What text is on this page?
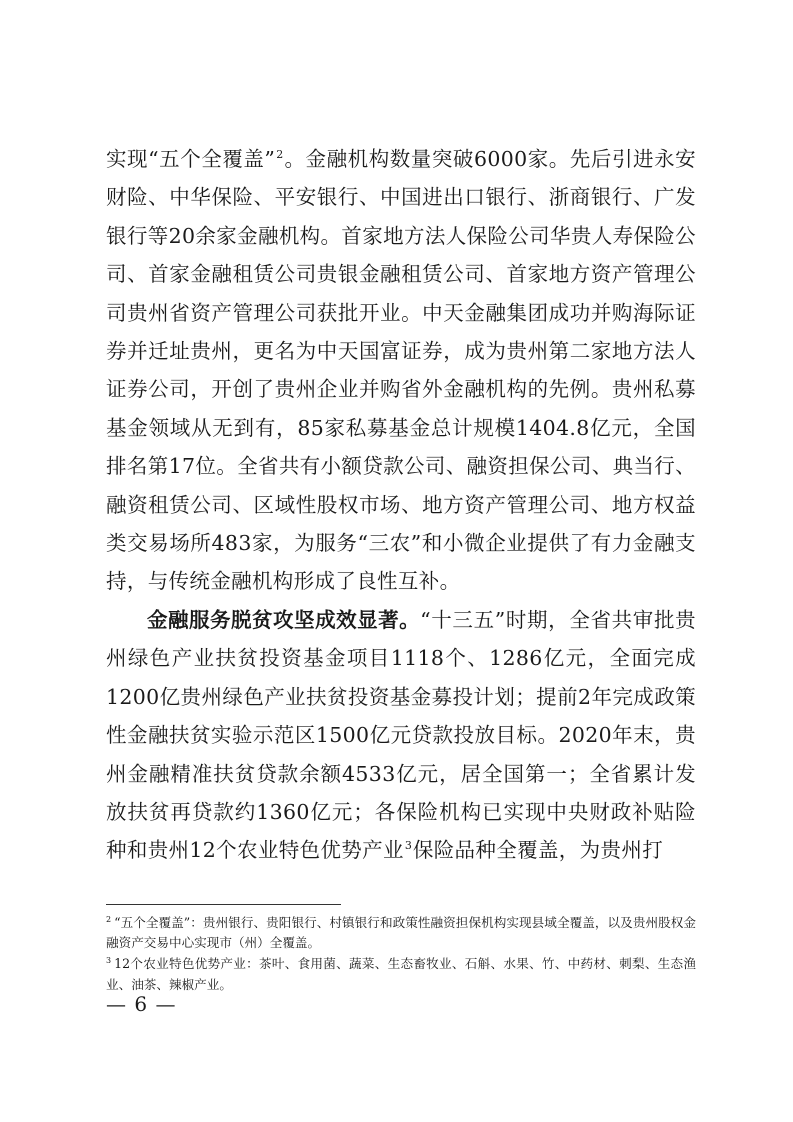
实现“五个全覆盖”$^2$。金融机构数量突破6000家。先后引进永安财险、中华保险、平安银行、中国进出口银行、浙商银行、广发银行等20余家金融机构。首家地方法人保险公司华贵人寿保险公司、首家金融租赁公司贵银金融租赁公司、首家地方资产管理公司贵州省资产管理公司获批开业。中天金融集团成功并购海际证券并迁址贵州，更名为中天国富证券，成为贵州第二家地方法人证券公司，开创了贵州企业并购省外金融机构的先例。贵州私募基金领域从无到有，85家私募基金总计规模1404.8亿元，全国排名第17位。全省共有小额贷款公司、融资担保公司、典当行、融资租赁公司、区域性股权市场、地方资产管理公司、地方权益类交易场所483家，为服务“三农”和小微企业提供了有力金融支持，与传统金融机构形成了良性互补。

金融服务脱贫攻坚成效显著。“十三五”时期，全省共审批贵州绿色产业扶贫投资基金项目1118个、1286亿元，全面完成1200亿贵州绿色产业扶贫投资基金募投计划；提前2年完成政策性金融扶贫实验示范区1500亿元贷款投放目标。2020年末，贵州金融精准扶贫贷款余额4533亿元，居全国第一；全省累计发放扶贫再贷款约1360亿元；各保险机构已实现中央财政补贴险种和贵州12个农业特色优势产业$^3$保险品种全覆盖，为贵州打

$^2$ “五个全覆盖”：贵州银行、贵阳银行、村镇银行和政策性融资担保机构实现县域全覆盖，以及贵州股权金融资产交易中心实现市（州）全覆盖。

$^3$ 12个农业特色优势产业：茶叶、食用菌、蔬菜、生态畜牧业、石斛、水果、竹、中药材、刺梨、生态渔业、油茶、辣椒产业。

— 6 —
